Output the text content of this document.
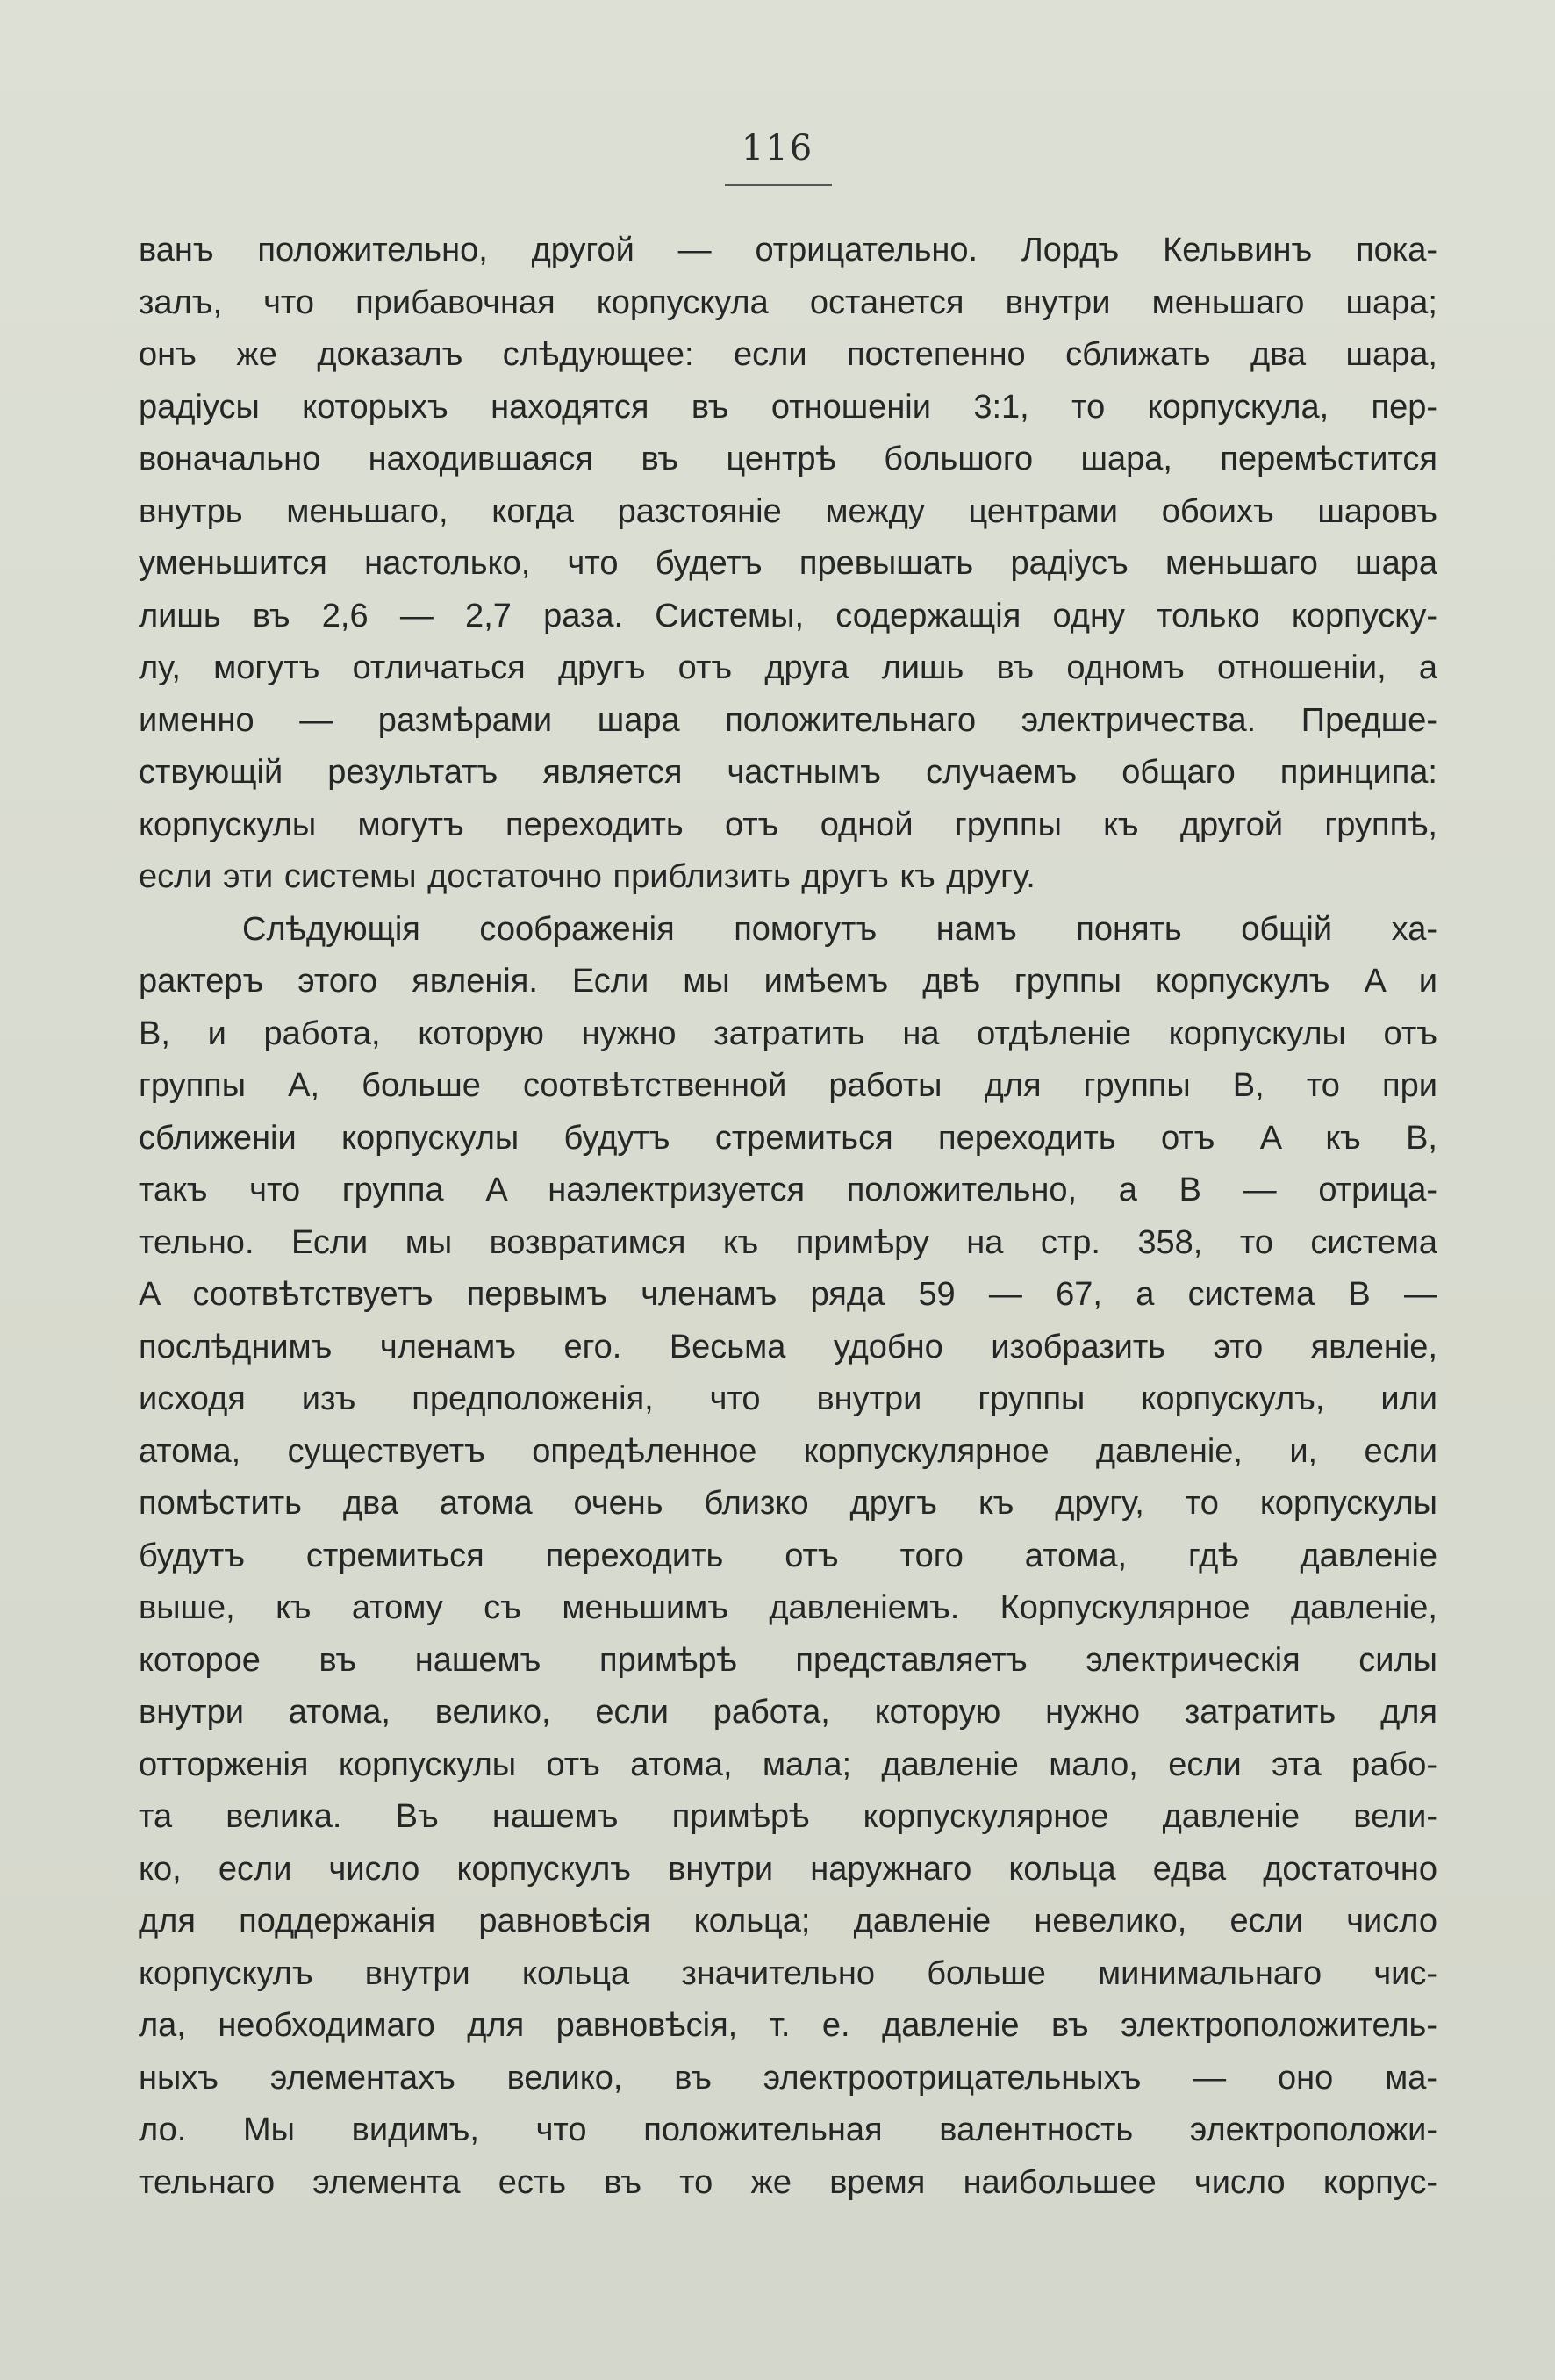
116
ванъ положительно, другой — отрицательно. Лордъ Кельвинъ пока-
залъ, что прибавочная корпускула останется внутри меньшаго шара;
онъ же доказалъ слѣдующее: если постепенно сближать два шара,
радіусы которыхъ находятся въ отношеніи 3:1, то корпускула, пер-
воначально находившаяся въ центрѣ большого шара, перемѣстится
внутрь меньшаго, когда разстояніе между центрами обоихъ шаровъ
уменьшится настолько, что будетъ превышать радіусъ меньшаго шара
лишь въ 2,6 — 2,7 раза. Системы, содержащія одну только корпуску-
лу, могутъ отличаться другъ отъ друга лишь въ одномъ отношеніи, а
именно — размѣрами шара положительнаго электричества. Предше-
ствующій результатъ является частнымъ случаемъ общаго принципа:
корпускулы могутъ переходить отъ одной группы къ другой группѣ,
если эти системы достаточно приблизить другъ къ другу.
Слѣдующія соображенія помогутъ намъ понять общій ха-
рактеръ этого явленія. Если мы имѣемъ двѣ группы корпускулъ A и
B, и работа, которую нужно затратить на отдѣленіе корпускулы отъ
группы A, больше соотвѣтственной работы для группы B, то при
сближеніи корпускулы будутъ стремиться переходить отъ A къ B,
такъ что группа A наэлектризуется положительно, а B — отрица-
тельно. Если мы возвратимся къ примѣру на стр. 358, то система
A соотвѣтствуетъ первымъ членамъ ряда 59 — 67, а система B —
послѣднимъ членамъ его. Весьма удобно изобразить это явленіе,
исходя изъ предположенія, что внутри группы корпускулъ, или
атома, существуетъ опредѣленное корпускулярное давленіе, и, если
помѣстить два атома очень близко другъ къ другу, то корпускулы
будутъ стремиться переходить отъ того атома, гдѣ давленіе
выше, къ атому съ меньшимъ давленіемъ. Корпускулярное давленіе,
которое въ нашемъ примѣрѣ представляетъ электрическія силы
внутри атома, велико, если работа, которую нужно затратить для
отторженія корпускулы отъ атома, мала; давленіе мало, если эта рабо-
та велика. Въ нашемъ примѣрѣ корпускулярное давленіе вели-
ко, если число корпускулъ внутри наружнаго кольца едва достаточно
для поддержанія равновѣсія кольца; давленіе невелико, если число
корпускулъ внутри кольца значительно больше минимальнаго чис-
ла, необходимаго для равновѣсія, т. е. давленіе въ электроположитель-
ныхъ элементахъ велико, въ электроотрицательныхъ — оно ма-
ло. Мы видимъ, что положительная валентность электроположи-
тельнаго элемента есть въ то же время наибольшее число корпус-
